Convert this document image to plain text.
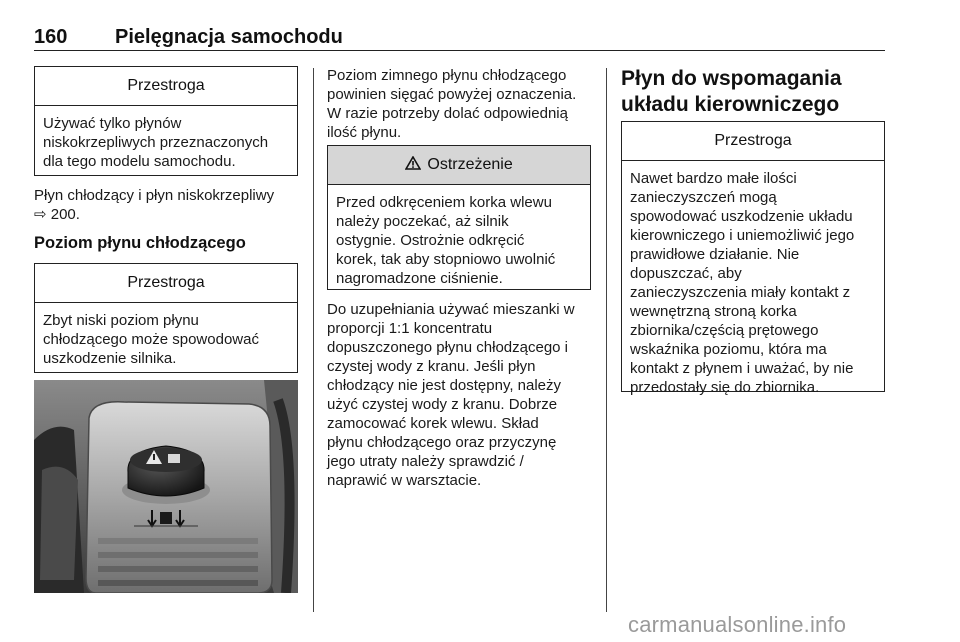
160 Pielęgnacja samochodu
Przestroga
Używać tylko płynów
niskokrzepliwych przeznaczonych
dla tego modelu samochodu.
Płyn chłodzący i płyn niskokrzepliwy
⇨ 200.
Poziom płynu chłodzącego
Przestroga
Zbyt niski poziom płynu
chłodzącego może spowodować
uszkodzenie silnika.
Poziom zimnego płynu chłodzącego
powinien sięgać powyżej oznaczenia.
W razie potrzeby dolać odpowiednią
ilość płynu.
Ostrzeżenie
Przed odkręceniem korka wlewu
należy poczekać, aż silnik
ostygnie. Ostrożnie odkręcić
korek, tak aby stopniowo uwolnić
nagromadzone ciśnienie.
Do uzupełniania używać mieszanki w
proporcji 1:1 koncentratu
dopuszczonego płynu chłodzącego i
czystej wody z kranu. Jeśli płyn
chłodzący nie jest dostępny, należy
użyć czystej wody z kranu. Dobrze
zamocować korek wlewu. Skład
płynu chłodzącego oraz przyczynę
jego utraty należy sprawdzić /
naprawić w warsztacie.
Płyn do wspomagania
układu kierowniczego
Przestroga
Nawet bardzo małe ilości
zanieczyszczeń mogą
spowodować uszkodzenie układu
kierowniczego i uniemożliwić jego
prawidłowe działanie. Nie
dopuszczać, aby
zanieczyszczenia miały kontakt z
wewnętrzną stroną korka
zbiornika/częścią prętowego
wskaźnika poziomu, która ma
kontakt z płynem i uważać, by nie
przedostały się do zbiornika.
carmanualsonline.info
